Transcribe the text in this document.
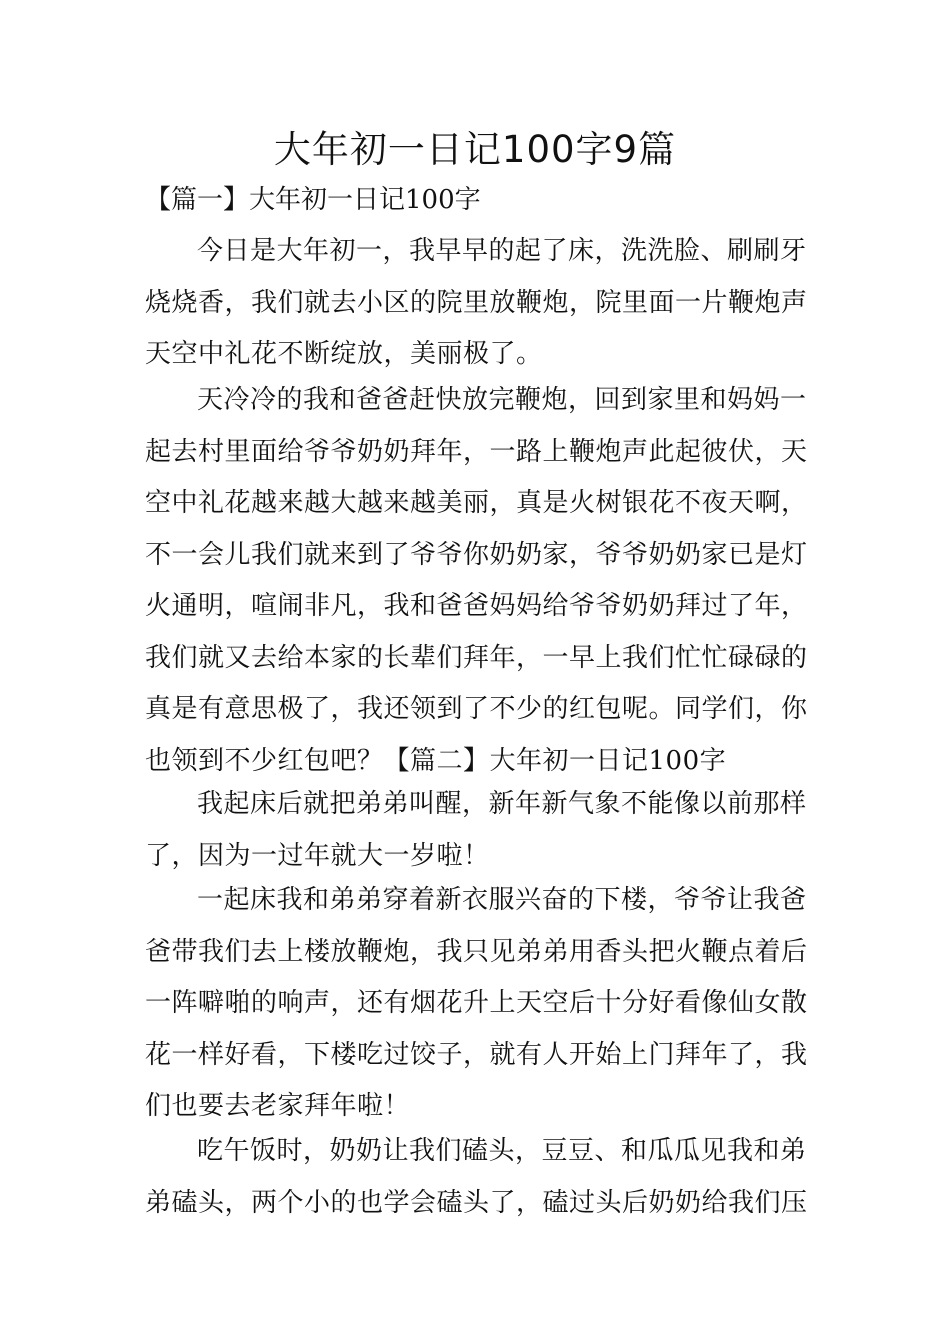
大年初一日记100字9篇
【篇一】大年初一日记100字
今日是大年初一，我早早的起了床，洗洗脸、刷刷牙
烧烧香，我们就去小区的院里放鞭炮，院里面一片鞭炮声
天空中礼花不断绽放，美丽极了。
天冷冷的我和爸爸赶快放完鞭炮，回到家里和妈妈一
起去村里面给爷爷奶奶拜年，一路上鞭炮声此起彼伏，天
空中礼花越来越大越来越美丽，真是火树银花不夜天啊，
不一会儿我们就来到了爷爷你奶奶家，爷爷奶奶家已是灯
火通明，喧闹非凡，我和爸爸妈妈给爷爷奶奶拜过了年，
我们就又去给本家的长辈们拜年，一早上我们忙忙碌碌的
真是有意思极了，我还领到了不少的红包呢。同学们，你
也领到不少红包吧？【篇二】大年初一日记100字
我起床后就把弟弟叫醒，新年新气象不能像以前那样
了，因为一过年就大一岁啦！
一起床我和弟弟穿着新衣服兴奋的下楼，爷爷让我爸
爸带我们去上楼放鞭炮，我只见弟弟用香头把火鞭点着后
一阵噼啪的响声，还有烟花升上天空后十分好看像仙女散
花一样好看，下楼吃过饺子，就有人开始上门拜年了，我
们也要去老家拜年啦！
吃午饭时，奶奶让我们磕头，豆豆、和瓜瓜见我和弟
弟磕头，两个小的也学会磕头了，磕过头后奶奶给我们压
